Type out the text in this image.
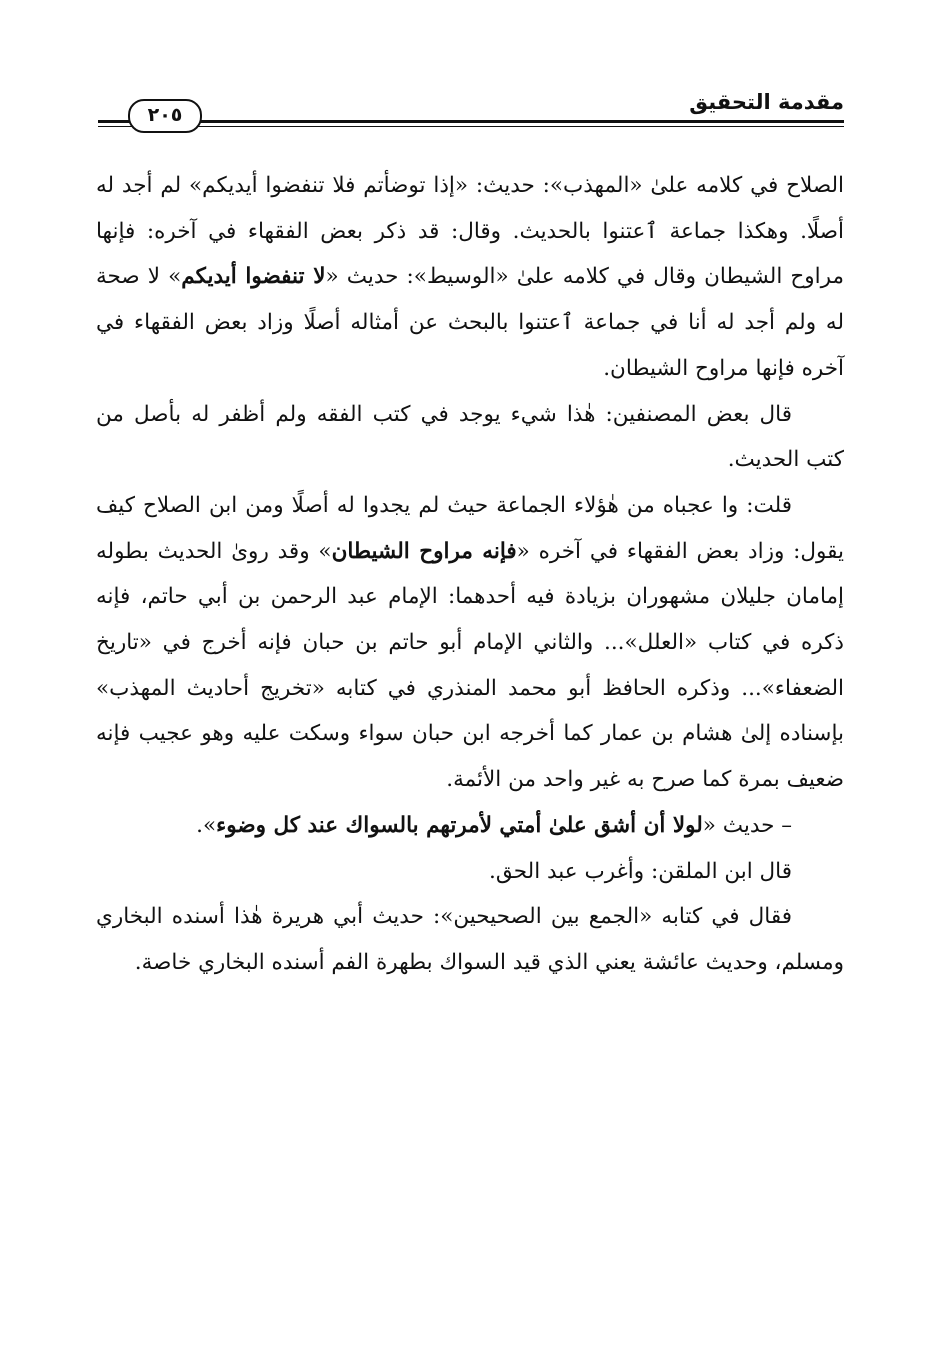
مقدمة التحقيق
٢٠٥

الصلاح في كلامه علىٰ «المهذب»: حديث: «إذا توضأتم فلا تنفضوا أيديكم» لم أجد له أصلًا. وهكذا جماعة ٱعتنوا بالحديث. وقال: قد ذكر بعض الفقهاء في آخره: فإنها مراوح الشيطان وقال في كلامه علىٰ «الوسيط»: حديث «لا تنفضوا أيديكم» لا صحة له ولم أجد له أنا في جماعة ٱعتنوا بالبحث عن أمثاله أصلًا وزاد بعض الفقهاء في آخره فإنها مراوح الشيطان.

قال بعض المصنفين: هٰذا شيء يوجد في كتب الفقه ولم أظفر له بأصل من كتب الحديث.

قلت: وا عجباه من هٰؤلاء الجماعة حيث لم يجدوا له أصلًا ومن ابن الصلاح كيف يقول: وزاد بعض الفقهاء في آخره «فإنه مراوح الشيطان» وقد روىٰ الحديث بطوله إمامان جليلان مشهوران بزيادة فيه أحدهما: الإمام عبد الرحمن بن أبي حاتم، فإنه ذكره في كتاب «العلل»... والثاني الإمام أبو حاتم بن حبان فإنه أخرج في «تاريخ الضعفاء»... وذكره الحافظ أبو محمد المنذري في كتابه «تخريج أحاديث المهذب» بإسناده إلىٰ هشام بن عمار كما أخرجه ابن حبان سواء وسكت عليه وهو عجيب فإنه ضعيف بمرة كما صرح به غير واحد من الأئمة.

– حديث «لولا أن أشق علىٰ أمتي لأمرتهم بالسواك عند كل وضوء».

قال ابن الملقن: وأغرب عبد الحق.

فقال في كتابه «الجمع بين الصحيحين»: حديث أبي هريرة هٰذا أسنده البخاري ومسلم، وحديث عائشة يعني الذي قيد السواك بطهرة الفم أسنده البخاري خاصة.
